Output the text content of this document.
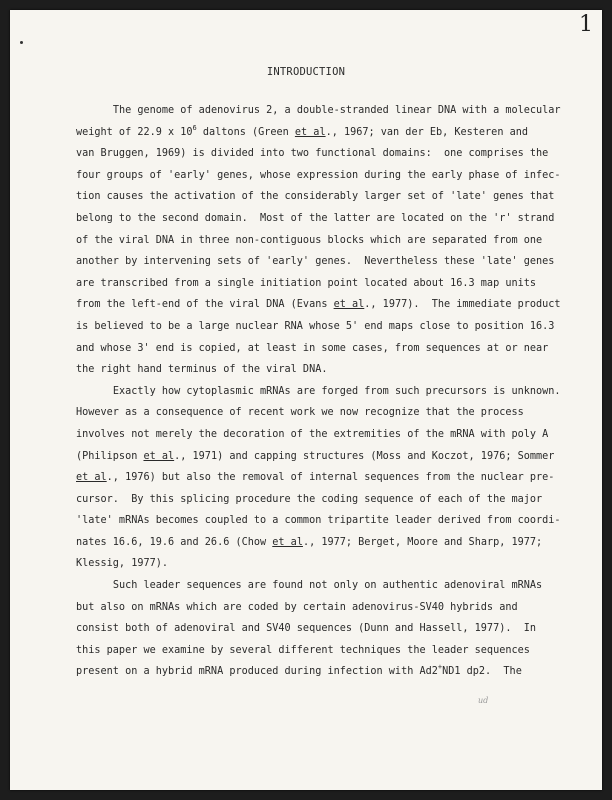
1
INTRODUCTION
The genome of adenovirus 2, a double-stranded linear DNA with a molecular
weight of 22.9 x $10^6$ daltons (Green et al., 1967; van der Eb, Kesteren and
van Bruggen, 1969) is divided into two functional domains:  one comprises the
four groups of 'early' genes, whose expression during the early phase of infec-
tion causes the activation of the considerably larger set of 'late' genes that
belong to the second domain.  Most of the latter are located on the 'r' strand
of the viral DNA in three non-contiguous blocks which are separated from one
another by intervening sets of 'early' genes.  Nevertheless these 'late' genes
are transcribed from a single initiation point located about 16.3 map units
from the left-end of the viral DNA (Evans et al., 1977).  The immediate product
is believed to be a large nuclear RNA whose 5' end maps close to position 16.3
and whose 3' end is copied, at least in some cases, from sequences at or near
the right hand terminus of the viral DNA.
Exactly how cytoplasmic mRNAs are forged from such precursors is unknown.
However as a consequence of recent work we now recognize that the process
involves not merely the decoration of the extremities of the mRNA with poly A
(Philipson et al., 1971) and capping structures (Moss and Koczot, 1976; Sommer
et al., 1976) but also the removal of internal sequences from the nuclear pre-
cursor.  By this splicing procedure the coding sequence of each of the major
'late' mRNAs becomes coupled to a common tripartite leader derived from coordi-
nates 16.6, 19.6 and 26.6 (Chow et al., 1977; Berget, Moore and Sharp, 1977;
Klessig, 1977).
Such leader sequences are found not only on authentic adenoviral mRNAs
but also on mRNAs which are coded by certain adenovirus-SV40 hybrids and
consist both of adenoviral and SV40 sequences (Dunn and Hassell, 1977).  In
this paper we examine by several different techniques the leader sequences
present on a hybrid mRNA produced during infection with Ad2+ND1 dp2.  The
ud
